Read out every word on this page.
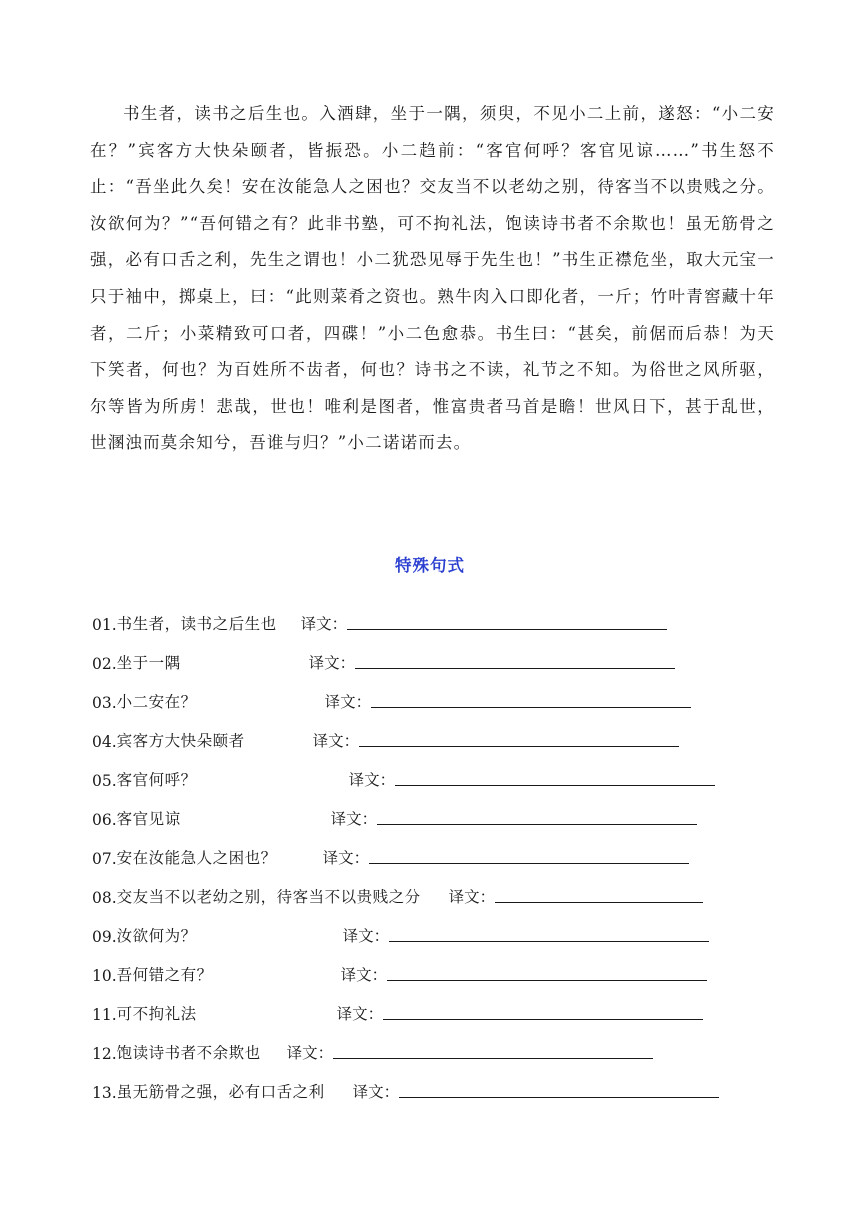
书生者，读书之后生也。入酒肆，坐于一隅，须臾，不见小二上前，遂怒：“小二安在？”宾客方大快朵颐者，皆振恐。小二趋前：“客官何呼？客官见谅……”书生怒不止：“吾坐此久矣！安在汝能急人之困也？交友当不以老幼之别，待客当不以贵贱之分。汝欲何为？”“吾何错之有？此非书塾，可不拘礼法，饱读诗书者不余欺也！虽无筋骨之强，必有口舌之利，先生之谓也！小二犹恐见辱于先生也！”书生正襟危坐，取大元宝一只于袖中，掷桌上，曰：“此则菜肴之资也。熟牛肉入口即化者，一斤；竹叶青窖藏十年者，二斤；小菜精致可口者，四碟！”小二色愈恭。书生曰：“甚矣，前倨而后恭！为天下笑者，何也？为百姓所不齿者，何也？诗书之不读，礼节之不知。为俗世之风所驱，尔等皆为所虏！悲哉，世也！唯利是图者，惟富贵者马首是瞻！世风日下，甚于乱世，世溷浊而莫余知兮，吾谁与归？”小二诺诺而去。
特殊句式
01. 书生者，读书之后生也 译文：
02. 坐于一隅	译文：
03. 小二安在？	译文：
04. 宾客方大快朵颐者	译文：
05. 客官何呼？	译文：
06. 客官见谅	译文：
07. 安在汝能急人之困也？	译文：
08. 交友当不以老幼之别，待客当不以贵贱之分 译文：
09. 汝欲何为？	译文：
10. 吾何错之有？	译文：
11. 可不拘礼法	译文：
12. 饱读诗书者不余欺也 译文：
13. 虽无筋骨之强，必有口舌之利 译文：
